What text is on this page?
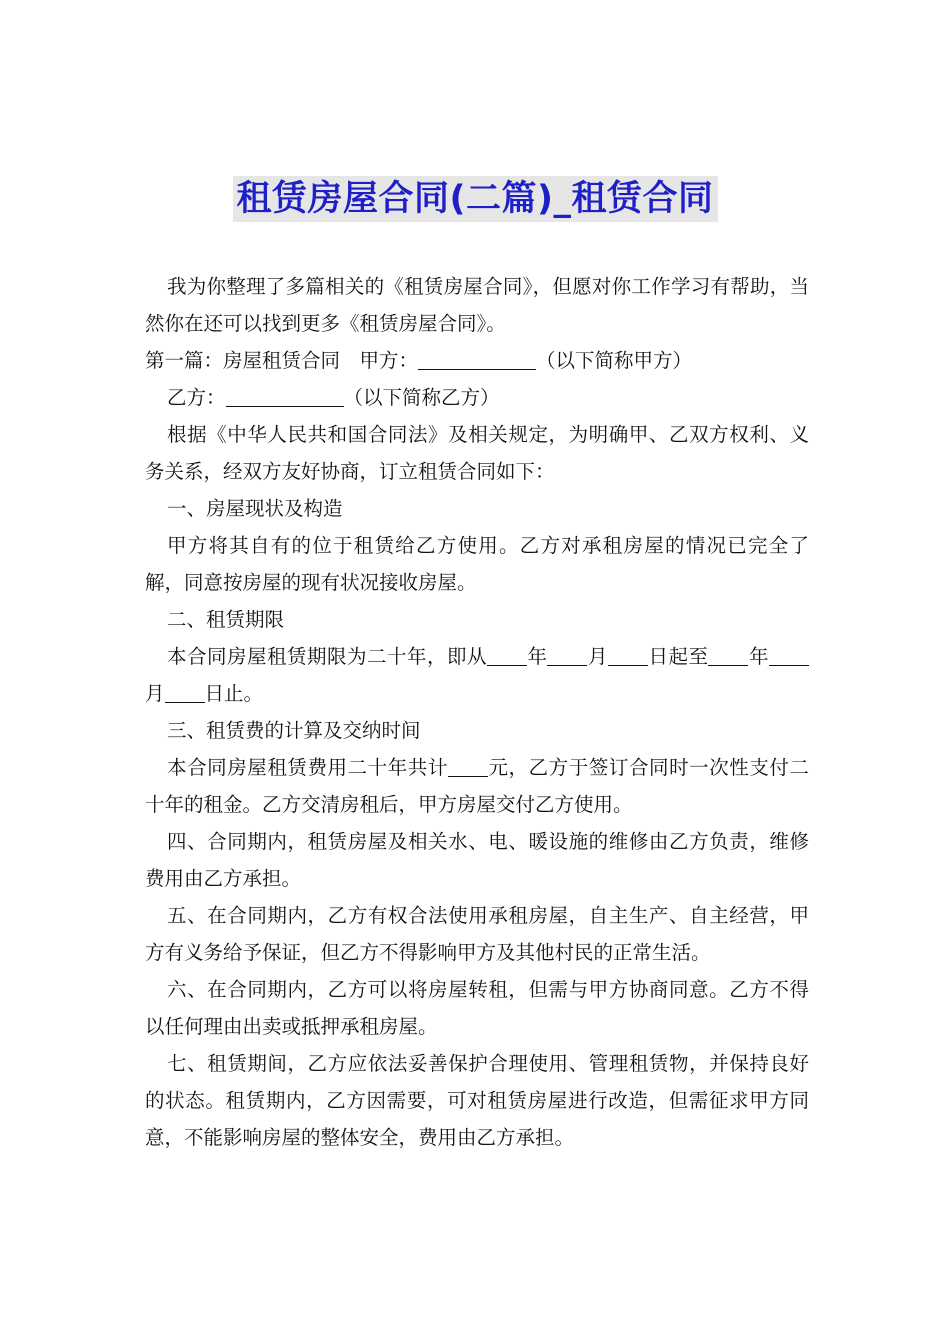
租赁房屋合同(二篇)_租赁合同

我为你整理了多篇相关的《租赁房屋合同》，但愿对你工作学习有帮助，当然你在还可以找到更多《租赁房屋合同》。

第一篇：房屋租赁合同　甲方：	（以下简称甲方）

乙方：	（以下简称乙方）

根据《中华人民共和国合同法》及相关规定，为明确甲、乙双方权利、义务关系，经双方友好协商，订立租赁合同如下：

一、房屋现状及构造

甲方将其自有的位于租赁给乙方使用。乙方对承租房屋的情况已完全了解，同意按房屋的现有状况接收房屋。

二、租赁期限

本合同房屋租赁期限为二十年，即从 年 月 日起至 年月 日止。

三、租赁费的计算及交纳时间

本合同房屋租赁费用二十年共计 元，乙方于签订合同时一次性支付二十年的租金。乙方交清房租后，甲方房屋交付乙方使用。

四、合同期内，租赁房屋及相关水、电、暖设施的维修由乙方负责，维修费用由乙方承担。

五、在合同期内，乙方有权合法使用承租房屋，自主生产、自主经营，甲方有义务给予保证，但乙方不得影响甲方及其他村民的正常生活。

六、在合同期内，乙方可以将房屋转租，但需与甲方协商同意。乙方不得以任何理由出卖或抵押承租房屋。

七、租赁期间，乙方应依法妥善保护合理使用、管理租赁物，并保持良好的状态。租赁期内，乙方因需要，可对租赁房屋进行改造，但需征求甲方同意，不能影响房屋的整体安全，费用由乙方承担。
